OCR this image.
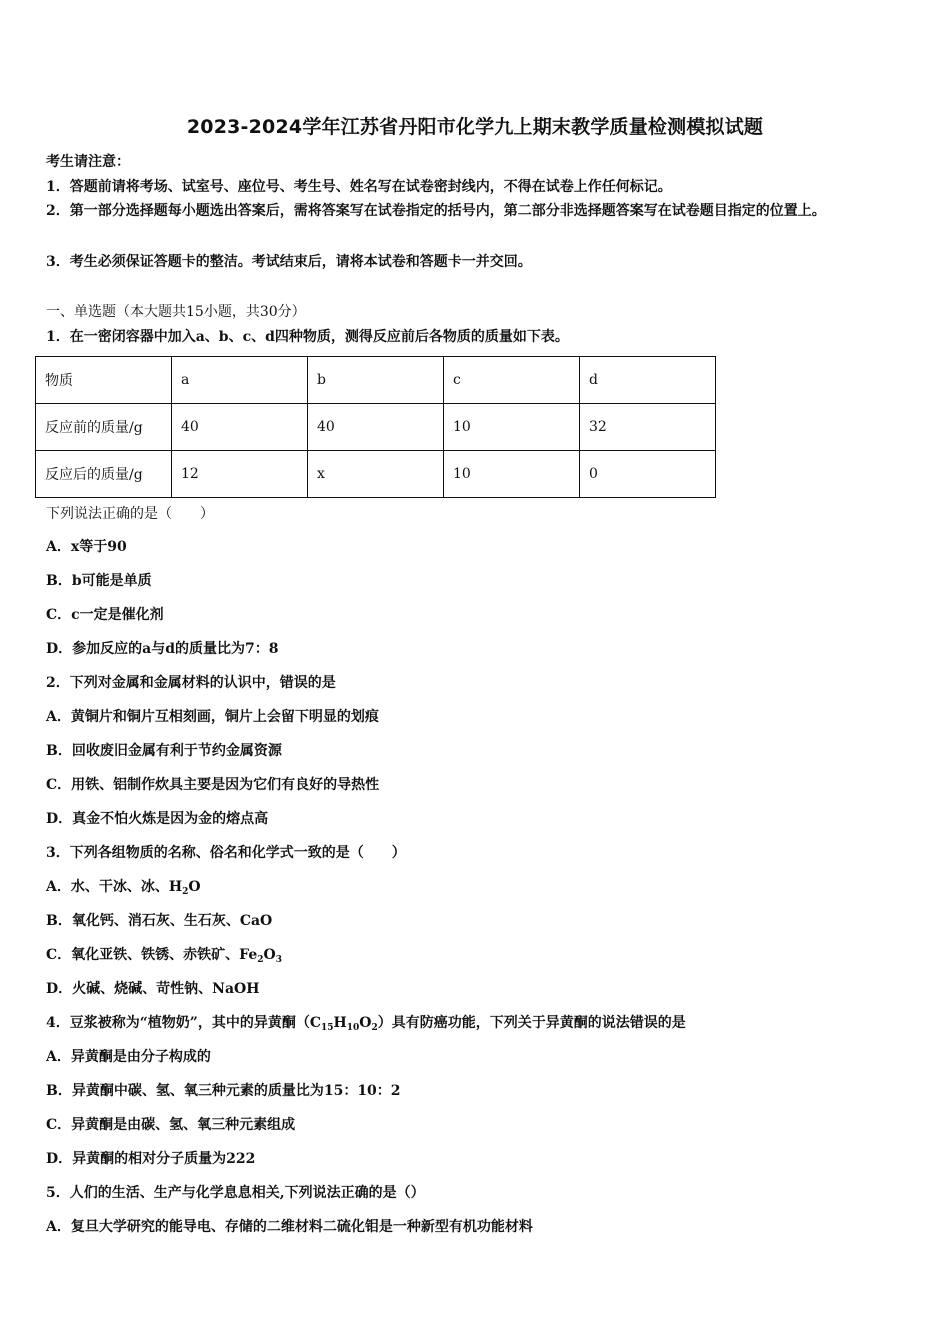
2023-2024学年江苏省丹阳市化学九上期末教学质量检测模拟试题
考生请注意：
1．答题前请将考场、试室号、座位号、考生号、姓名写在试卷密封线内，不得在试卷上作任何标记。
2．第一部分选择题每小题选出答案后，需将答案写在试卷指定的括号内，第二部分非选择题答案写在试卷题目指定的位置上。
3．考生必须保证答题卡的整洁。考试结束后，请将本试卷和答题卡一并交回。
一、单选题（本大题共15小题，共30分）
1．在一密闭容器中加入a、b、c、d四种物质，测得反应前后各物质的质量如下表。
物质	a	b	c	d
反应前的质量/g	40	40	10	32
反应后的质量/g	12	x	10	0
下列说法正确的是（　　）
A．x等于90
B．b可能是单质
C．c一定是催化剂
D．参加反应的a与d的质量比为7：8
2．下列对金属和金属材料的认识中，错误的是
A．黄铜片和铜片互相刻画，铜片上会留下明显的划痕
B．回收废旧金属有利于节约金属资源
C．用铁、铝制作炊具主要是因为它们有良好的导热性
D．真金不怕火炼是因为金的熔点高
3．下列各组物质的名称、俗名和化学式一致的是（　　）
A．水、干冰、冰、$H_2O$
B．氧化钙、消石灰、生石灰、CaO
C．氧化亚铁、铁锈、赤铁矿、$Fe_2O_3$
D．火碱、烧碱、苛性钠、NaOH
4．豆浆被称为“植物奶”，其中的异黄酮$(C_{15}H_{10}O_2)$具有防癌功能，下列关于异黄酮的说法错误的是
A．异黄酮是由分子构成的
B．异黄酮中碳、氢、氧三种元素的质量比为15：10：2
C．异黄酮是由碳、氢、氧三种元素组成
D．异黄酮的相对分子质量为222
5．人们的生活、生产与化学息息相关,下列说法正确的是（）
A．复旦大学研究的能导电、存储的二维材料二硫化钼是一种新型有机功能材料
